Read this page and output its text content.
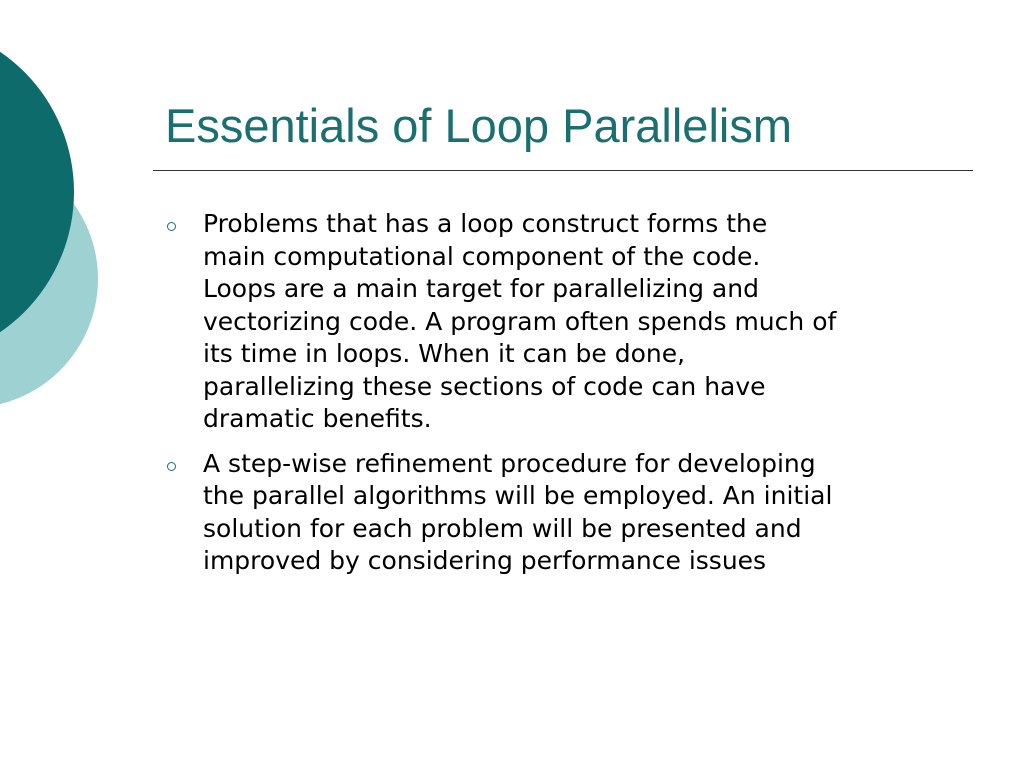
Essentials of Loop Parallelism
Problems that has a loop construct forms the
main computational component of the code.
Loops are a main target for parallelizing and
vectorizing code. A program often spends much of
its time in loops. When it can be done,
parallelizing these sections of code can have
dramatic benefits.
A step-wise refinement procedure for developing
the parallel algorithms will be employed. An initial
solution for each problem will be presented and
improved by considering performance issues
